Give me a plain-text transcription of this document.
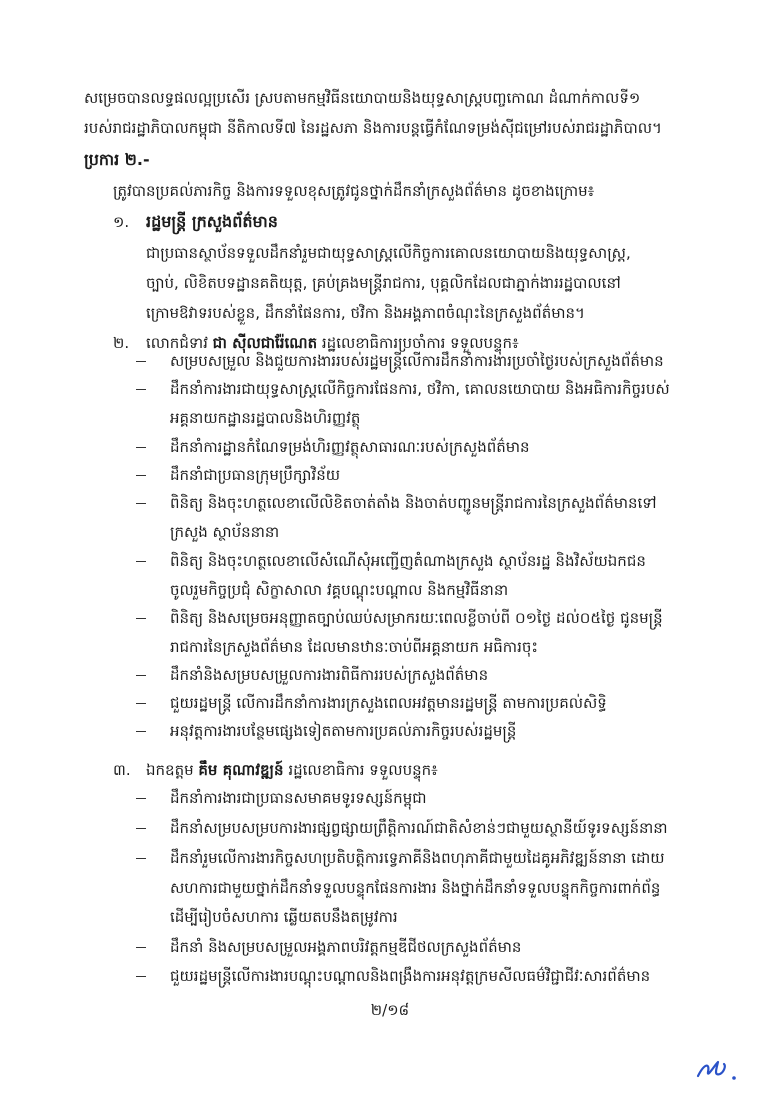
សម្រេចបានលទ្ធផលល្អប្រសើរ ស្របតាមកម្មវិធីនយោបាយនិងយុទ្ធសាស្រ្តបញ្ចកោណ ដំណាក់កាលទី១
របស់រាជរដ្ឋាភិបាលកម្ពុជា នីតិកាលទី៧ នៃរដ្ឋសភា និងការបន្តធ្វើកំណែទម្រង់ស៊ីជម្រៅរបស់រាជរដ្ឋាភិបាល។
ប្រការ ២.-
ត្រូវបានប្រគល់ភារកិច្ច និងការទទួលខុសត្រូវជូនថ្នាក់ដឹកនាំក្រសួងព័ត៌មាន ដូចខាងក្រោម៖
១. រដ្ឋមន្ត្រី ក្រសួងព័ត៌មាន
ជាប្រធានស្ថាប័នទទួលដឹកនាំរួមជាយុទ្ធសាស្ត្រលើកិច្ចការគោលនយោបាយនិងយុទ្ធសាស្ត្រ,
ច្បាប់, លិខិតបទដ្ឋានគតិយុត្ត, គ្រប់គ្រងមន្ត្រីរាជការ, បុគ្គលិកដែលជាភ្នាក់ងាររដ្ឋបាលនៅ
ក្រោមឱវាទរបស់ខ្លួន, ដឹកនាំផែនការ, ថវិកា និងអង្គភាពចំណុះនៃក្រសួងព័ត៌មាន។
២. លោកជំទាវ ជា ស៊ីលជារ៉ែណេត រដ្ឋលេខាធិការប្រចាំការ ទទួលបន្ទុក៖
សម្របសម្រួល និងជួយការងាររបស់រដ្ឋមន្ត្រីលើការដឹកនាំការងារប្រចាំថ្ងៃរបស់ក្រសួងព័ត៌មាន
ដឹកនាំការងារជាយុទ្ធសាស្ត្រលើកិច្ចការផែនការ, ថវិកា, គោលនយោបាយ និងអធិការកិច្ចរបស់
អគ្គនាយកដ្ឋានរដ្ឋបាលនិងហិរញ្ញវត្ថុ
ដឹកនាំការដ្ឋានកំណែទម្រង់ហិរញ្ញវត្ថុសាធារណៈរបស់ក្រសួងព័ត៌មាន
ដឹកនាំជាប្រធានក្រុមប្រឹក្សាវិន័យ
ពិនិត្យ និងចុះហត្ថលេខាលើលិខិតចាត់តាំង និងចាត់បញ្ជូនមន្ត្រីរាជការនៃក្រសួងព័ត៌មានទៅ
ក្រសួង ស្ថាប័ននានា
ពិនិត្យ និងចុះហត្ថលេខាលើសំណើសុំអញ្ជើញតំណាងក្រសួង ស្ថាប័នរដ្ឋ និងវិស័យឯកជន
ចូលរួមកិច្ចប្រជុំ សិក្ខាសាលា វគ្គបណ្តុះបណ្តាល និងកម្មវិធីនានា
ពិនិត្យ និងសម្រេចអនុញ្ញាតច្បាប់ឈប់សម្រាករយៈពេលខ្លីចាប់ពី ០១ថ្ងៃ ដល់០៥ថ្ងៃ ជូនមន្ត្រី
រាជការនៃក្រសួងព័ត៌មាន ដែលមានឋានៈចាប់ពីអគ្គនាយក អធិការចុះ
ដឹកនាំនិងសម្របសម្រួលការងារពិធីការរបស់ក្រសួងព័ត៌មាន
ជួយរដ្ឋមន្ត្រី លើការដឹកនាំការងារក្រសួងពេលអវត្តមានរដ្ឋមន្ត្រី តាមការប្រគល់សិទ្ធិ
អនុវត្តការងារបន្ថែមផ្សេងទៀតតាមការប្រគល់ភារកិច្ចរបស់រដ្ឋមន្ត្រី
៣. ឯកឧត្តម គឹម គុណាវឌ្ឍន៍ រដ្ឋលេខាធិការ ទទួលបន្ទុក៖
ដឹកនាំការងារជាប្រធានសមាគមទូរទស្សន៍កម្ពុជា
ដឹកនាំសម្របសម្របការងារផ្សព្វផ្សាយព្រឹត្តិការណ៍ជាតិសំខាន់ៗជាមួយស្ថានីយ៍ទូរទស្សន៍នានា
ដឹកនាំរួមលើការងារកិច្ចសហប្រតិបត្តិការទ្វេភាគីនិងពហុភាគីជាមួយដៃគូអភិវឌ្ឍន៍នានា ដោយ
សហការជាមួយថ្នាក់ដឹកនាំទទួលបន្ទុកផែនការងារ និងថ្នាក់ដឹកនាំទទួលបន្ទុកកិច្ចការពាក់ព័ន្ធ
ដើម្បីរៀបចំសហការ ឆ្លើយតបនឹងតម្រូវការ
ដឹកនាំ និងសម្របសម្រួលអង្គភាពបរិវត្តកម្មឌីជីថលក្រសួងព័ត៌មាន
ជួយរដ្ឋមន្ត្រីលើការងារបណ្តុះបណ្តាលនិងពង្រឹងការអនុវត្តក្រមសីលធម៌វិជ្ជាជីវៈសារព័ត៌មាន
២/១៨
